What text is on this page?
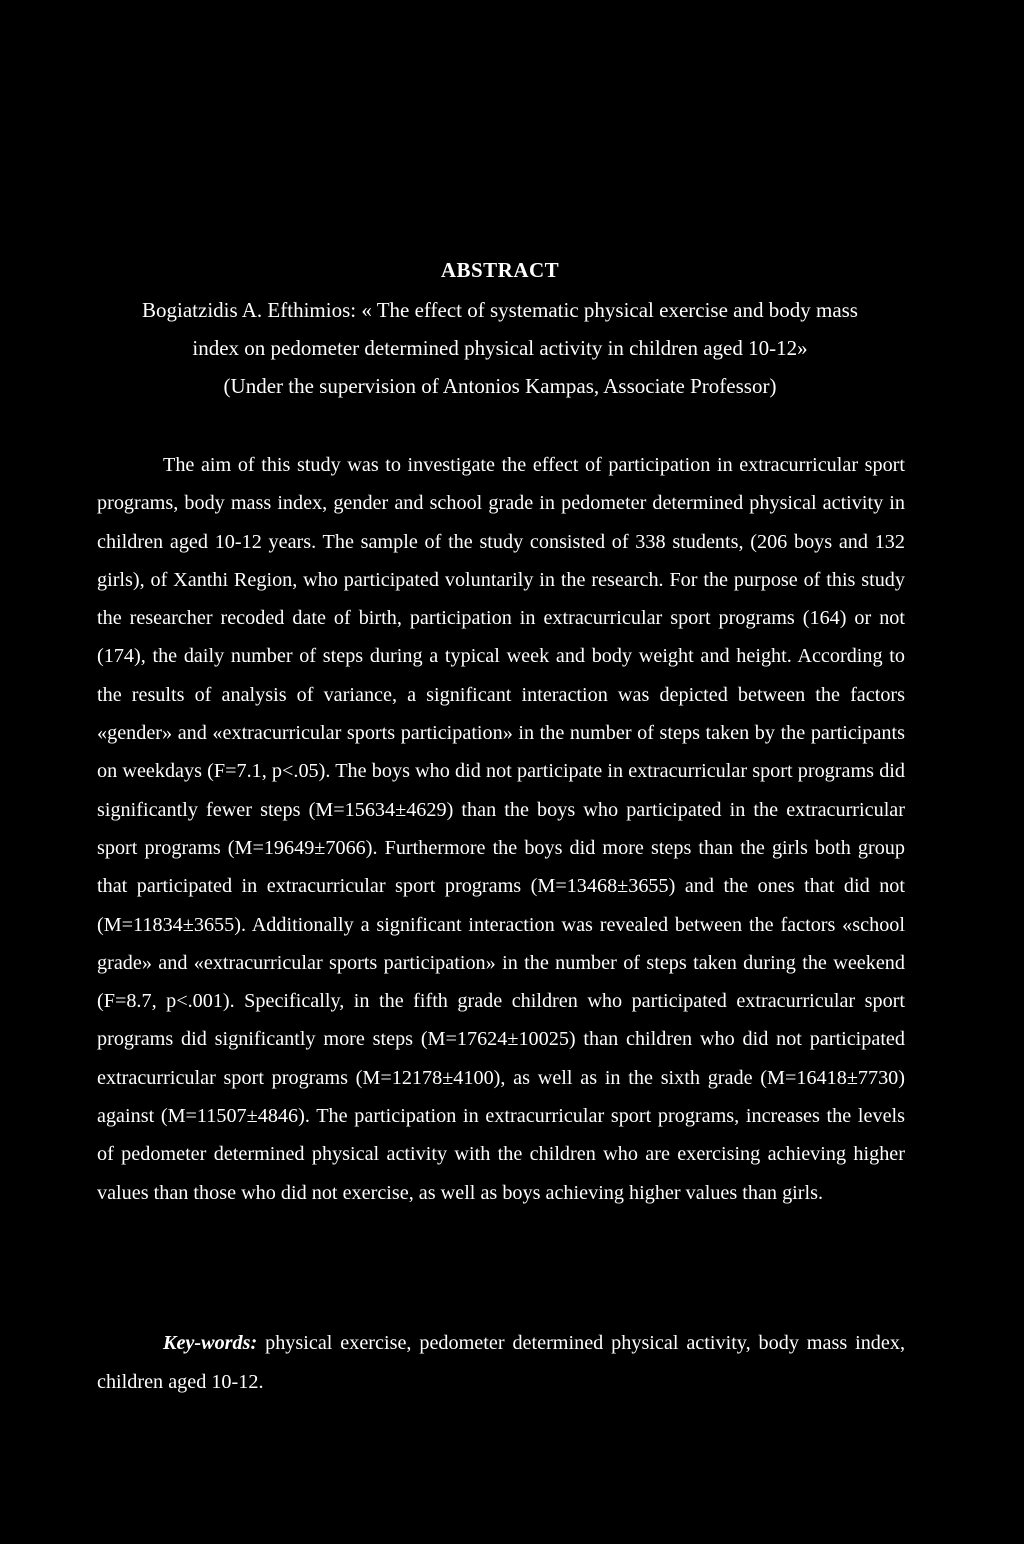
ABSTRACT
Bogiatzidis A. Efthimios: « The effect of systematic physical exercise and body mass
index on pedometer determined physical activity in children aged 10-12»
(Under the supervision of Antonios Kampas, Associate Professor)

The aim of this study was to investigate the effect of participation in extracurricular sport programs, body mass index, gender and school grade in pedometer determined physical activity in children aged 10-12 years. The sample of the study consisted of 338 students, (206 boys and 132 girls), of Xanthi Region, who participated voluntarily in the research. For the purpose of this study the researcher recoded date of birth, participation in extracurricular sport programs (164) or not (174), the daily number of steps during a typical week and body weight and height. According to the results of analysis of variance, a significant interaction was depicted between the factors «gender» and «extracurricular sports participation» in the number of steps taken by the participants on weekdays (F=7.1, p<.05). The boys who did not participate in extracurricular sport programs did significantly fewer steps (M=15634±4629) than the boys who participated in the extracurricular sport programs (M=19649±7066). Furthermore the boys did more steps than the girls both group that participated in extracurricular sport programs (M=13468±3655) and the ones that did not (M=11834±3655). Additionally a significant interaction was revealed between the factors «school grade» and «extracurricular sports participation» in the number of steps taken during the weekend (F=8.7, p<.001). Specifically, in the fifth grade children who participated extracurricular sport programs did significantly more steps (M=17624±10025) than children who did not participated extracurricular sport programs (M=12178±4100), as well as in the sixth grade (M=16418±7730) against (M=11507±4846). The participation in extracurricular sport programs, increases the levels of pedometer determined physical activity with the children who are exercising achieving higher values than those who did not exercise, as well as boys achieving higher values than girls.

Key-words: physical exercise, pedometer determined physical activity, body mass index, children aged 10-12.
